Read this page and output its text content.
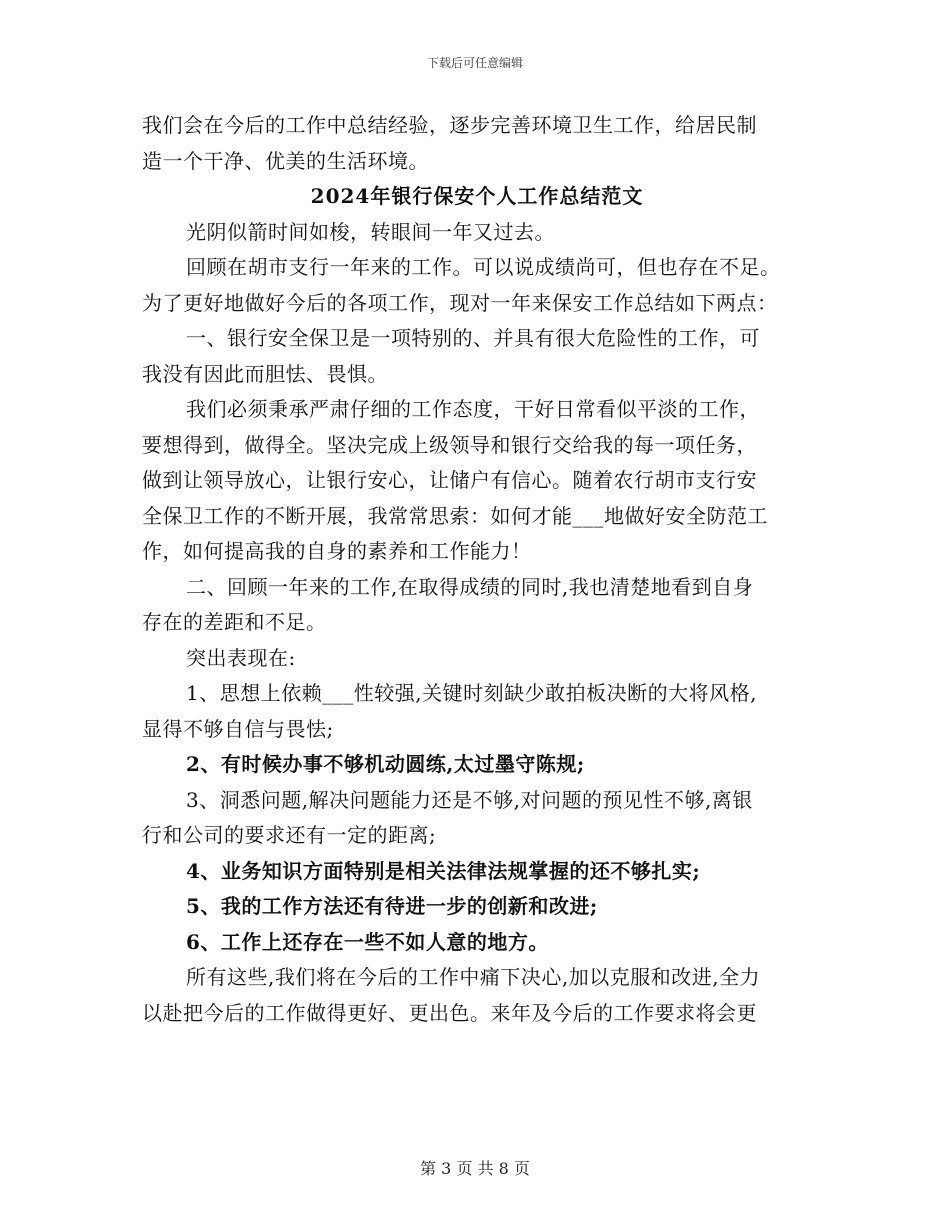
下载后可任意编辑
我们会在今后的工作中总结经验，逐步完善环境卫生工作，给居民制
造一个干净、优美的生活环境。
2024年银行保安个人工作总结范文
光阴似箭时间如梭，转眼间一年又过去。
回顾在胡市支行一年来的工作。可以说成绩尚可，但也存在不足。
为了更好地做好今后的各项工作，现对一年来保安工作总结如下两点：
一、银行安全保卫是一项特别的、并具有很大危险性的工作，可
我没有因此而胆怯、畏惧。
我们必须秉承严肃仔细的工作态度，干好日常看似平淡的工作，
要想得到，做得全。坚决完成上级领导和银行交给我的每一项任务，
做到让领导放心，让银行安心，让储户有信心。随着农行胡市支行安
全保卫工作的不断开展，我常常思索：如何才能___地做好安全防范工
作，如何提高我的自身的素养和工作能力！
二、回顾一年来的工作,在取得成绩的同时,我也清楚地看到自身
存在的差距和不足。
突出表现在:
1、思想上依赖___性较强,关键时刻缺少敢拍板决断的大将风格,
显得不够自信与畏怯;
2、有时候办事不够机动圆练,太过墨守陈规;
3、洞悉问题,解决问题能力还是不够,对问题的预见性不够,离银
行和公司的要求还有一定的距离;
4、业务知识方面特别是相关法律法规掌握的还不够扎实;
5、我的工作方法还有待进一步的创新和改进;
6、工作上还存在一些不如人意的地方。
所有这些,我们将在今后的工作中痛下决心,加以克服和改进,全力
以赴把今后的工作做得更好、更出色。来年及今后的工作要求将会更
第 3 页 共 8 页
